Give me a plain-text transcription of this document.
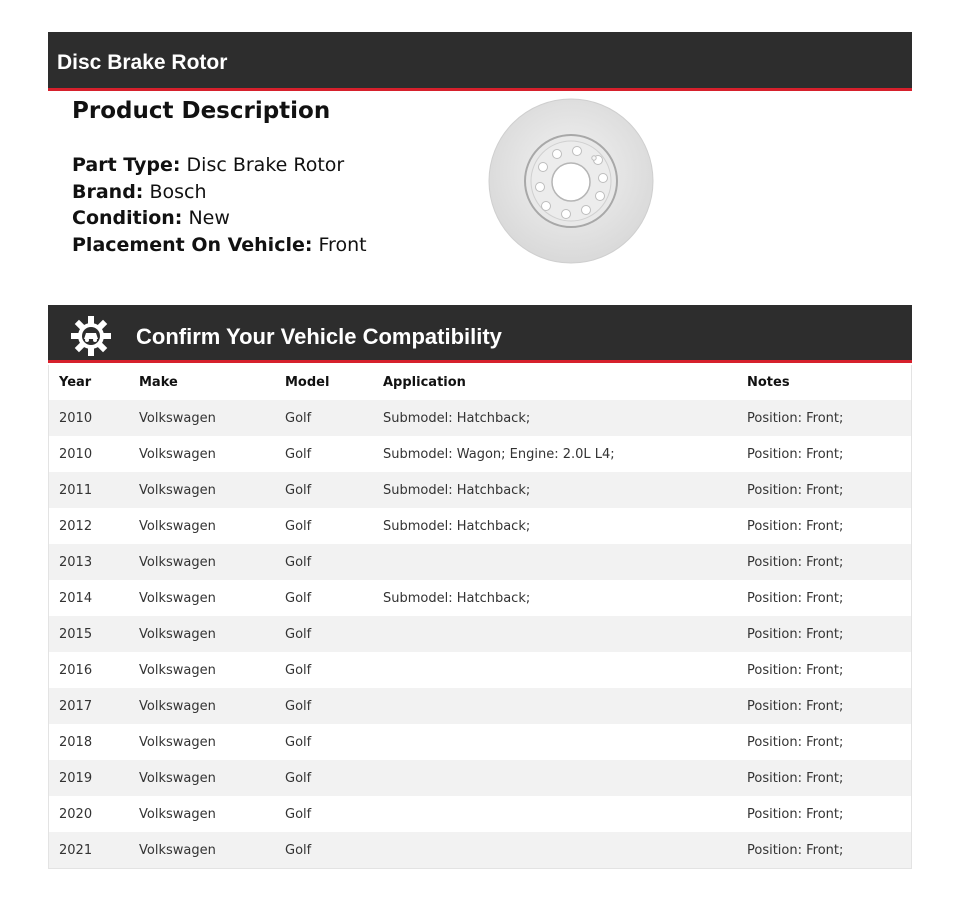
Disc Brake Rotor
Product Description
Part Type: Disc Brake Rotor
Brand: Bosch
Condition: New
Placement On Vehicle: Front
Confirm Your Vehicle Compatibility
Year	Make	Model	Application	Notes
2010	Volkswagen	Golf	Submodel: Hatchback;	Position: Front;
2010	Volkswagen	Golf	Submodel: Wagon; Engine: 2.0L L4;	Position: Front;
2011	Volkswagen	Golf	Submodel: Hatchback;	Position: Front;
2012	Volkswagen	Golf	Submodel: Hatchback;	Position: Front;
2013	Volkswagen	Golf		Position: Front;
2014	Volkswagen	Golf	Submodel: Hatchback;	Position: Front;
2015	Volkswagen	Golf		Position: Front;
2016	Volkswagen	Golf		Position: Front;
2017	Volkswagen	Golf		Position: Front;
2018	Volkswagen	Golf		Position: Front;
2019	Volkswagen	Golf		Position: Front;
2020	Volkswagen	Golf		Position: Front;
2021	Volkswagen	Golf		Position: Front;
